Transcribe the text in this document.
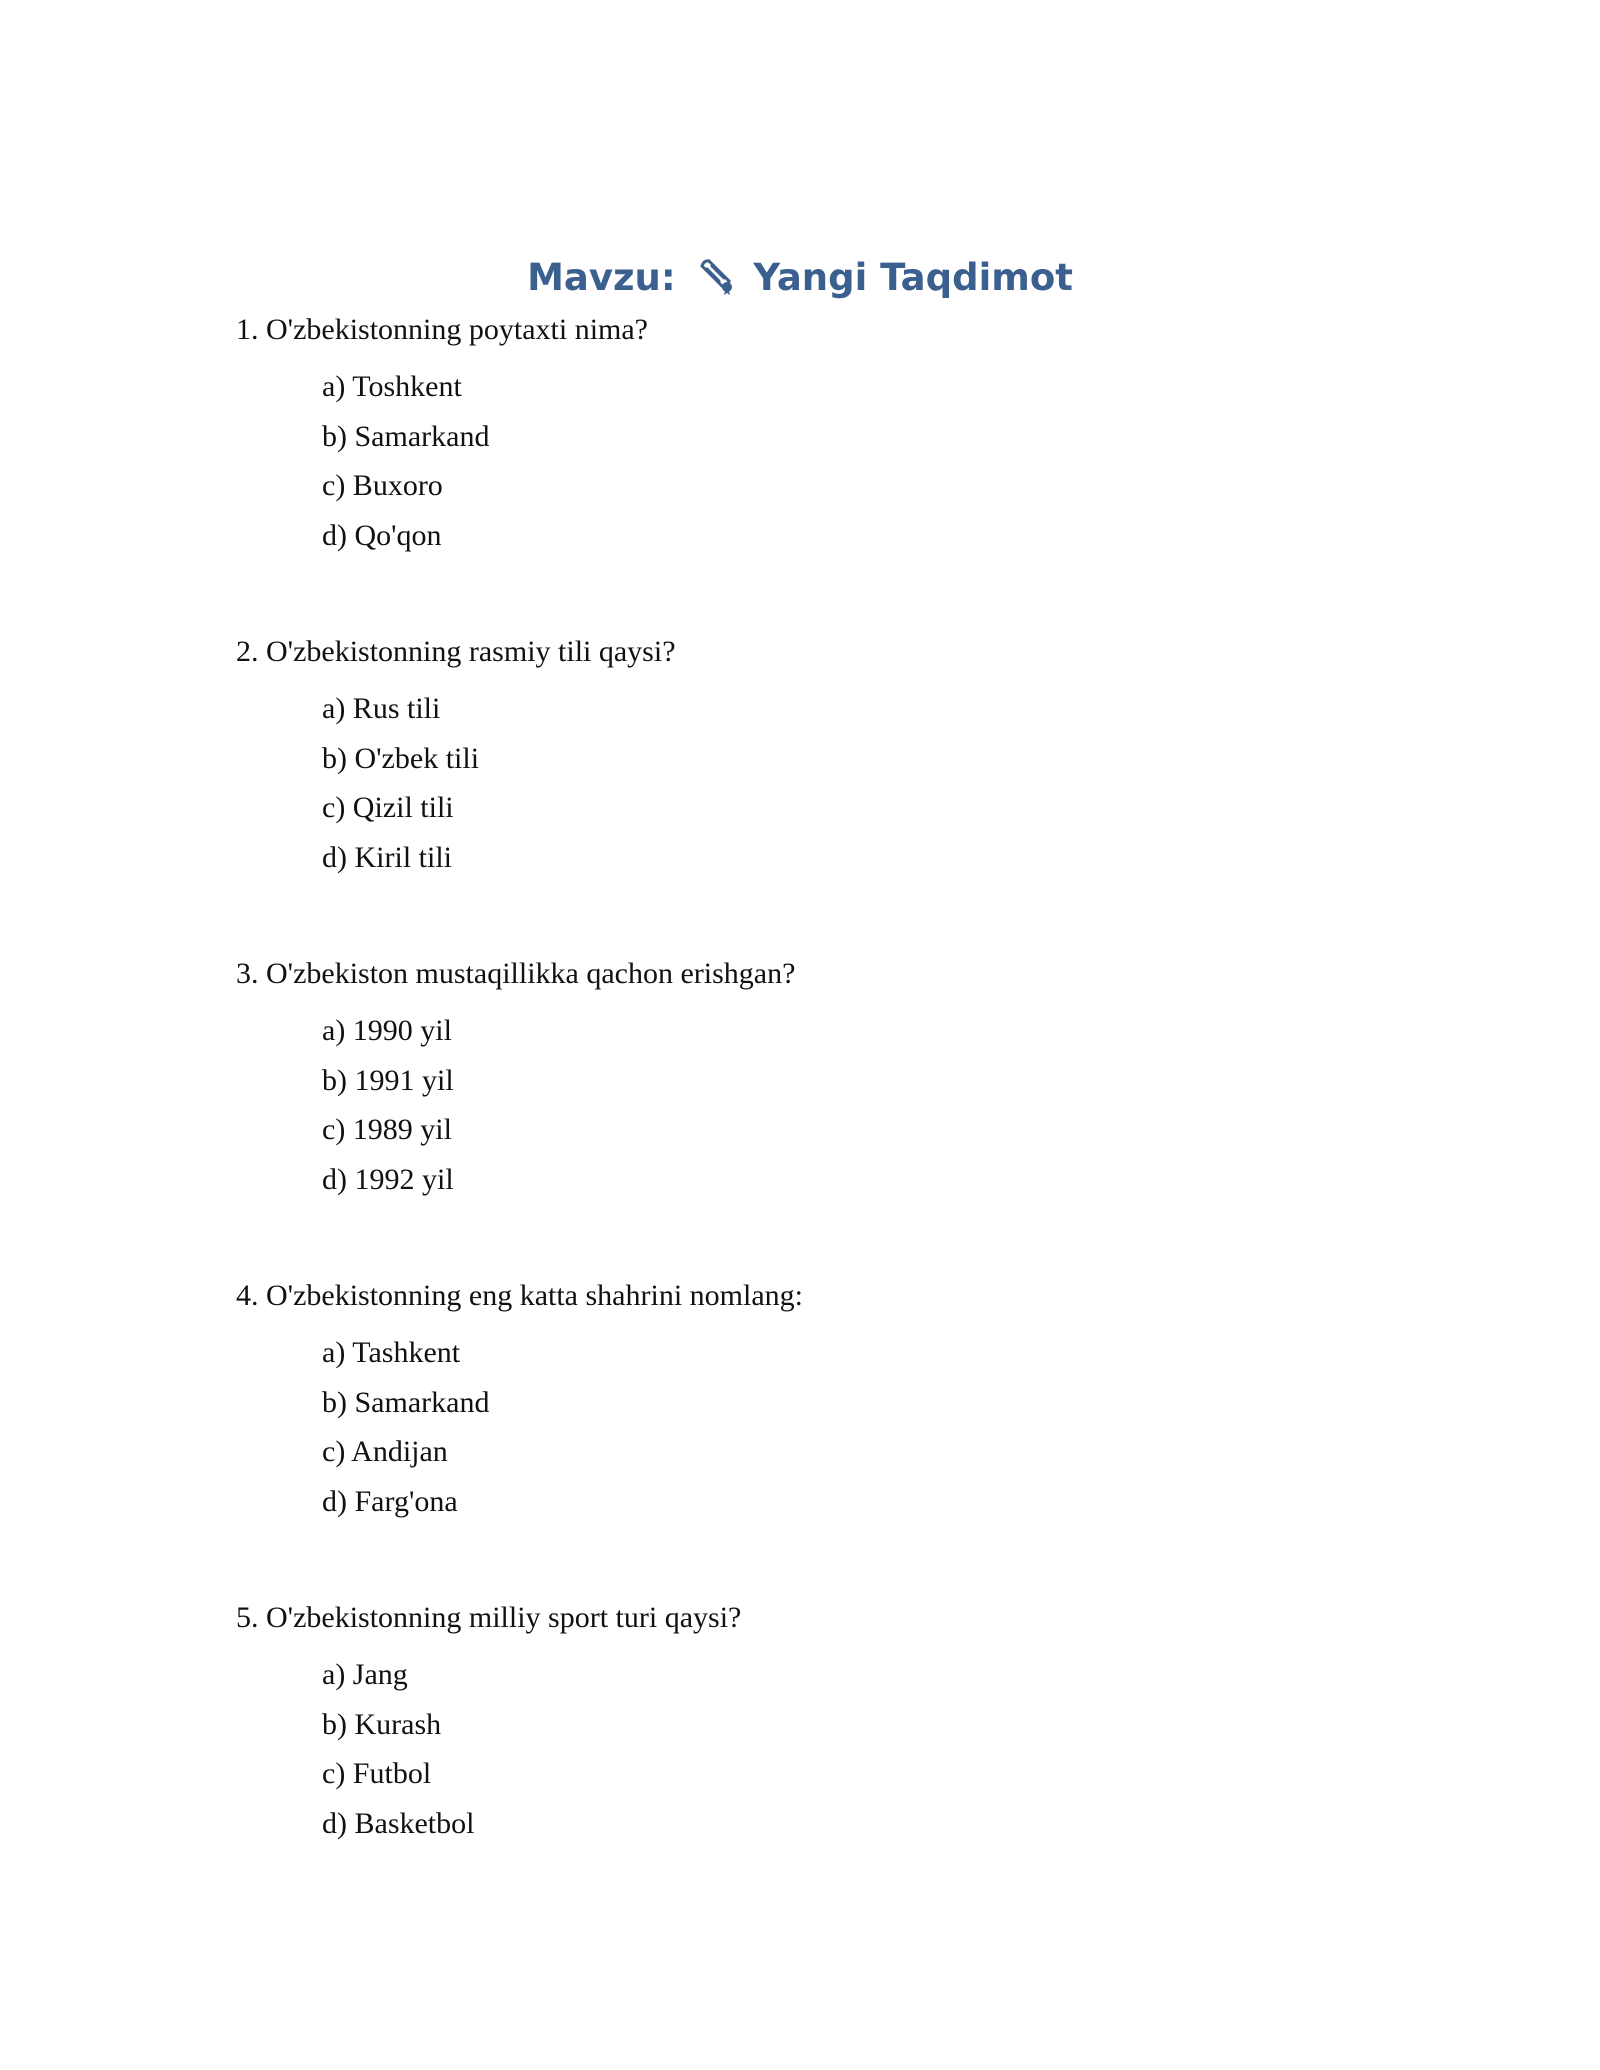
Mavzu: Yangi Taqdimot

1. O'zbekistonning poytaxti nima?

a) Toshkent
b) Samarkand
c) Buxoro
d) Qo'qon

2. O'zbekistonning rasmiy tili qaysi?

a) Rus tili
b) O'zbek tili
c) Qizil tili
d) Kiril tili

3. O'zbekiston mustaqillikka qachon erishgan?

a) 1990 yil
b) 1991 yil
c) 1989 yil
d) 1992 yil

4. O'zbekistonning eng katta shahrini nomlang:

a) Tashkent
b) Samarkand
c) Andijan
d) Farg'ona

5. O'zbekistonning milliy sport turi qaysi?

a) Jang
b) Kurash
c) Futbol
d) Basketbol
